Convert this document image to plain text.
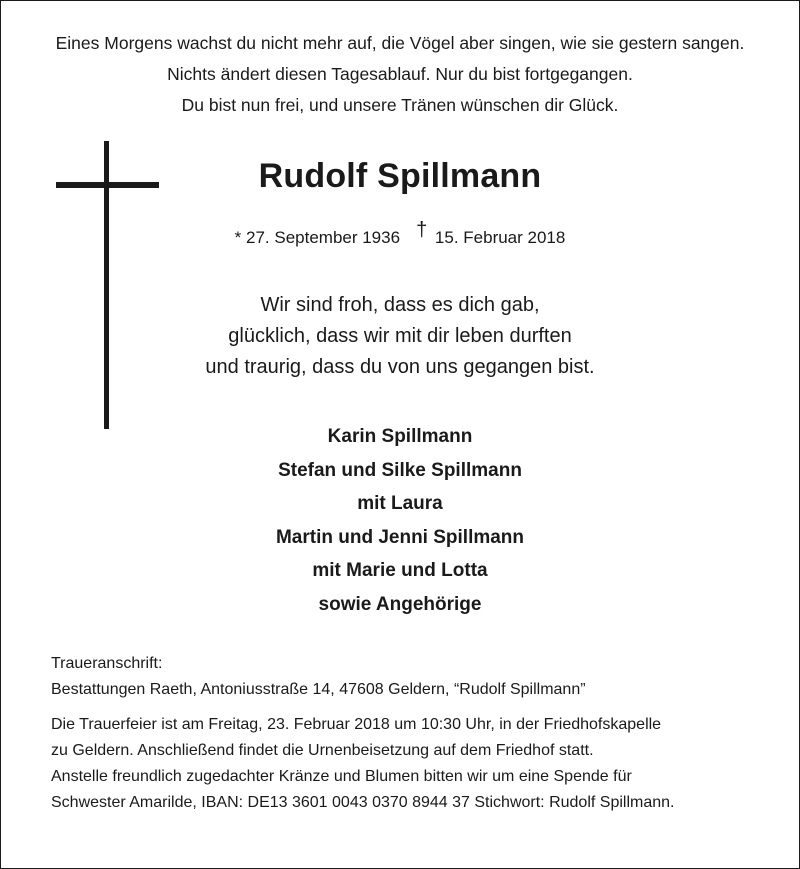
Eines Morgens wachst du nicht mehr auf, die Vögel aber singen, wie sie gestern sangen.
Nichts ändert diesen Tagesablauf. Nur du bist fortgegangen.
Du bist nun frei, und unsere Tränen wünschen dir Glück.
Rudolf Spillmann
* 27. September 1936 † 15. Februar 2018
Wir sind froh, dass es dich gab,
glücklich, dass wir mit dir leben durften
und traurig, dass du von uns gegangen bist.
Karin Spillmann
Stefan und Silke Spillmann
mit Laura
Martin und Jenni Spillmann
mit Marie und Lotta
sowie Angehörige
Traueranschrift:
Bestattungen Raeth, Antoniusstraße 14, 47608 Geldern, “Rudolf Spillmann”
Die Trauerfeier ist am Freitag, 23. Februar 2018 um 10:30 Uhr, in der Friedhofskapelle
zu Geldern. Anschließend findet die Urnenbeisetzung auf dem Friedhof statt.
Anstelle freundlich zugedachter Kränze und Blumen bitten wir um eine Spende für
Schwester Amarilde, IBAN: DE13 3601 0043 0370 8944 37 Stichwort: Rudolf Spillmann.
